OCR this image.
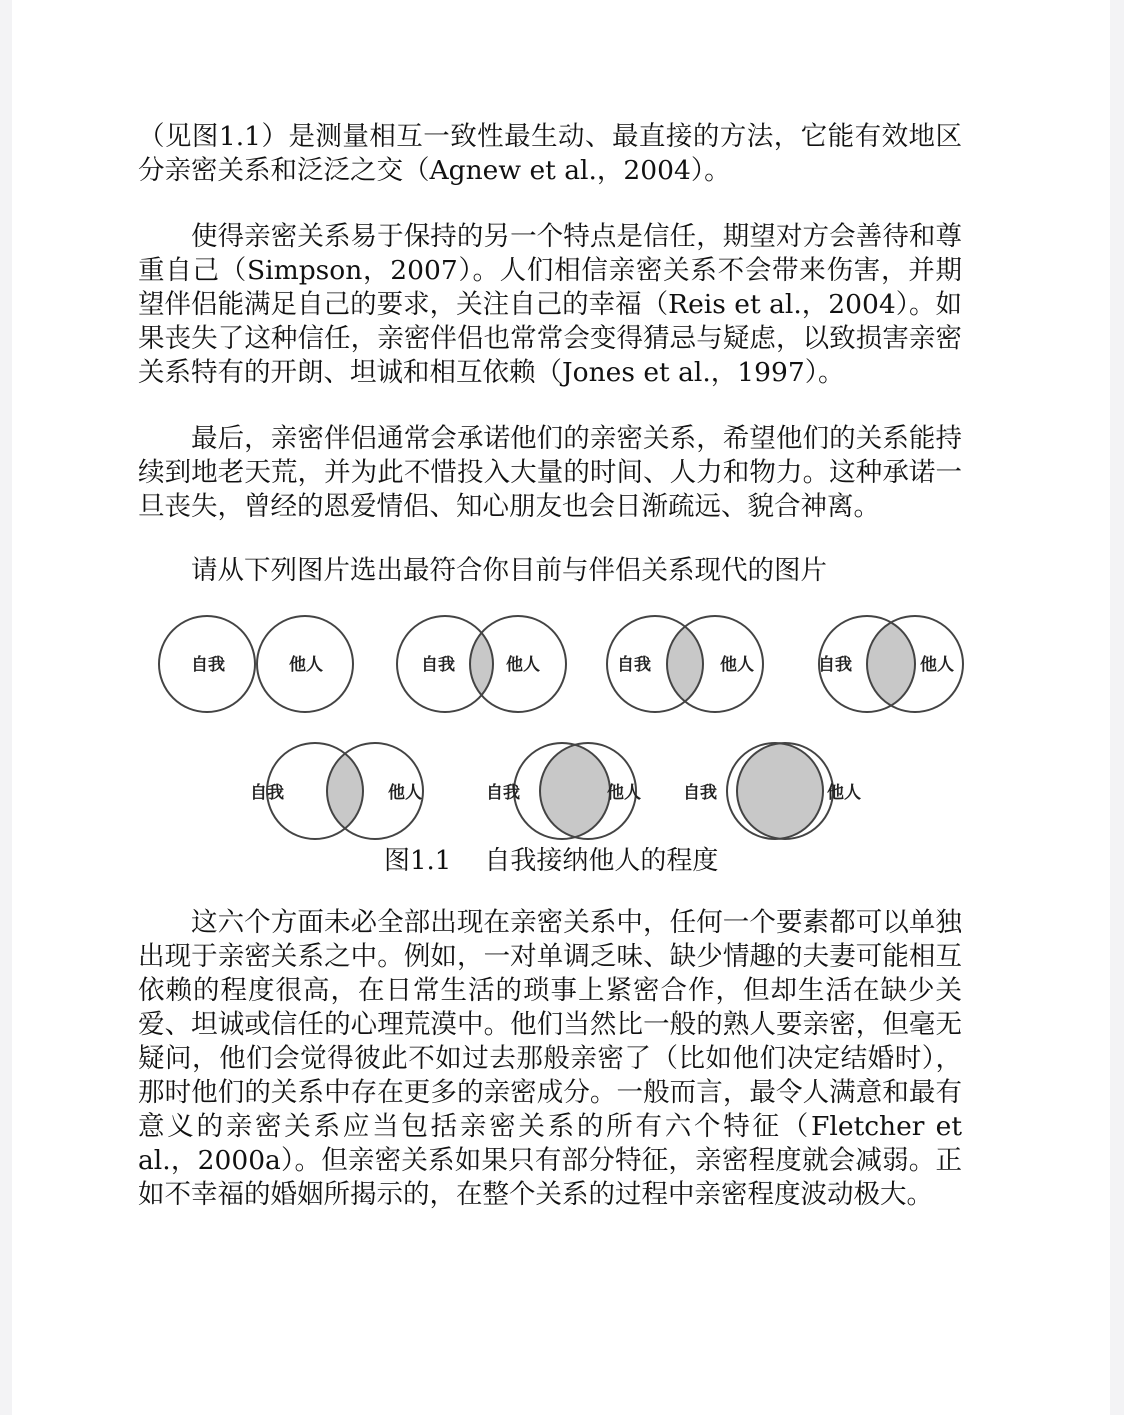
（见图1.1）是测量相互一致性最生动、最直接的方法，它能有效地区分亲密关系和泛泛之交（Agnew et al.，2004）。

使得亲密关系易于保持的另一个特点是信任，期望对方会善待和尊重自己（Simpson，2007）。人们相信亲密关系不会带来伤害，并期望伴侣能满足自己的要求，关注自己的幸福（Reis et al.，2004）。如果丧失了这种信任，亲密伴侣也常常会变得猜忌与疑虑，以致损害亲密关系特有的开朗、坦诚和相互依赖（Jones et al.，1997）。

最后，亲密伴侣通常会承诺他们的亲密关系，希望他们的关系能持续到地老天荒，并为此不惜投入大量的时间、人力和物力。这种承诺一旦丧失，曾经的恩爱情侣、知心朋友也会日渐疏远、貌合神离。

请从下列图片选出最符合你目前与伴侣关系现代的图片

自我	他人	自我	他人	自我	他人	自我	他人
自我	他人	自我	他人 自我	他人

图1.1    自我接纳他人的程度

这六个方面未必全部出现在亲密关系中，任何一个要素都可以单独出现于亲密关系之中。例如，一对单调乏味、缺少情趣的夫妻可能相互依赖的程度很高，在日常生活的琐事上紧密合作，但却生活在缺少关爱、坦诚或信任的心理荒漠中。他们当然比一般的熟人要亲密，但毫无疑问，他们会觉得彼此不如过去那般亲密了（比如他们决定结婚时），那时他们的关系中存在更多的亲密成分。一般而言，最令人满意和最有意义的亲密关系应当包括亲密关系的所有六个特征（Fletcher et al.，2000a）。但亲密关系如果只有部分特征，亲密程度就会减弱。正如不幸福的婚姻所揭示的，在整个关系的过程中亲密程度波动极大。
